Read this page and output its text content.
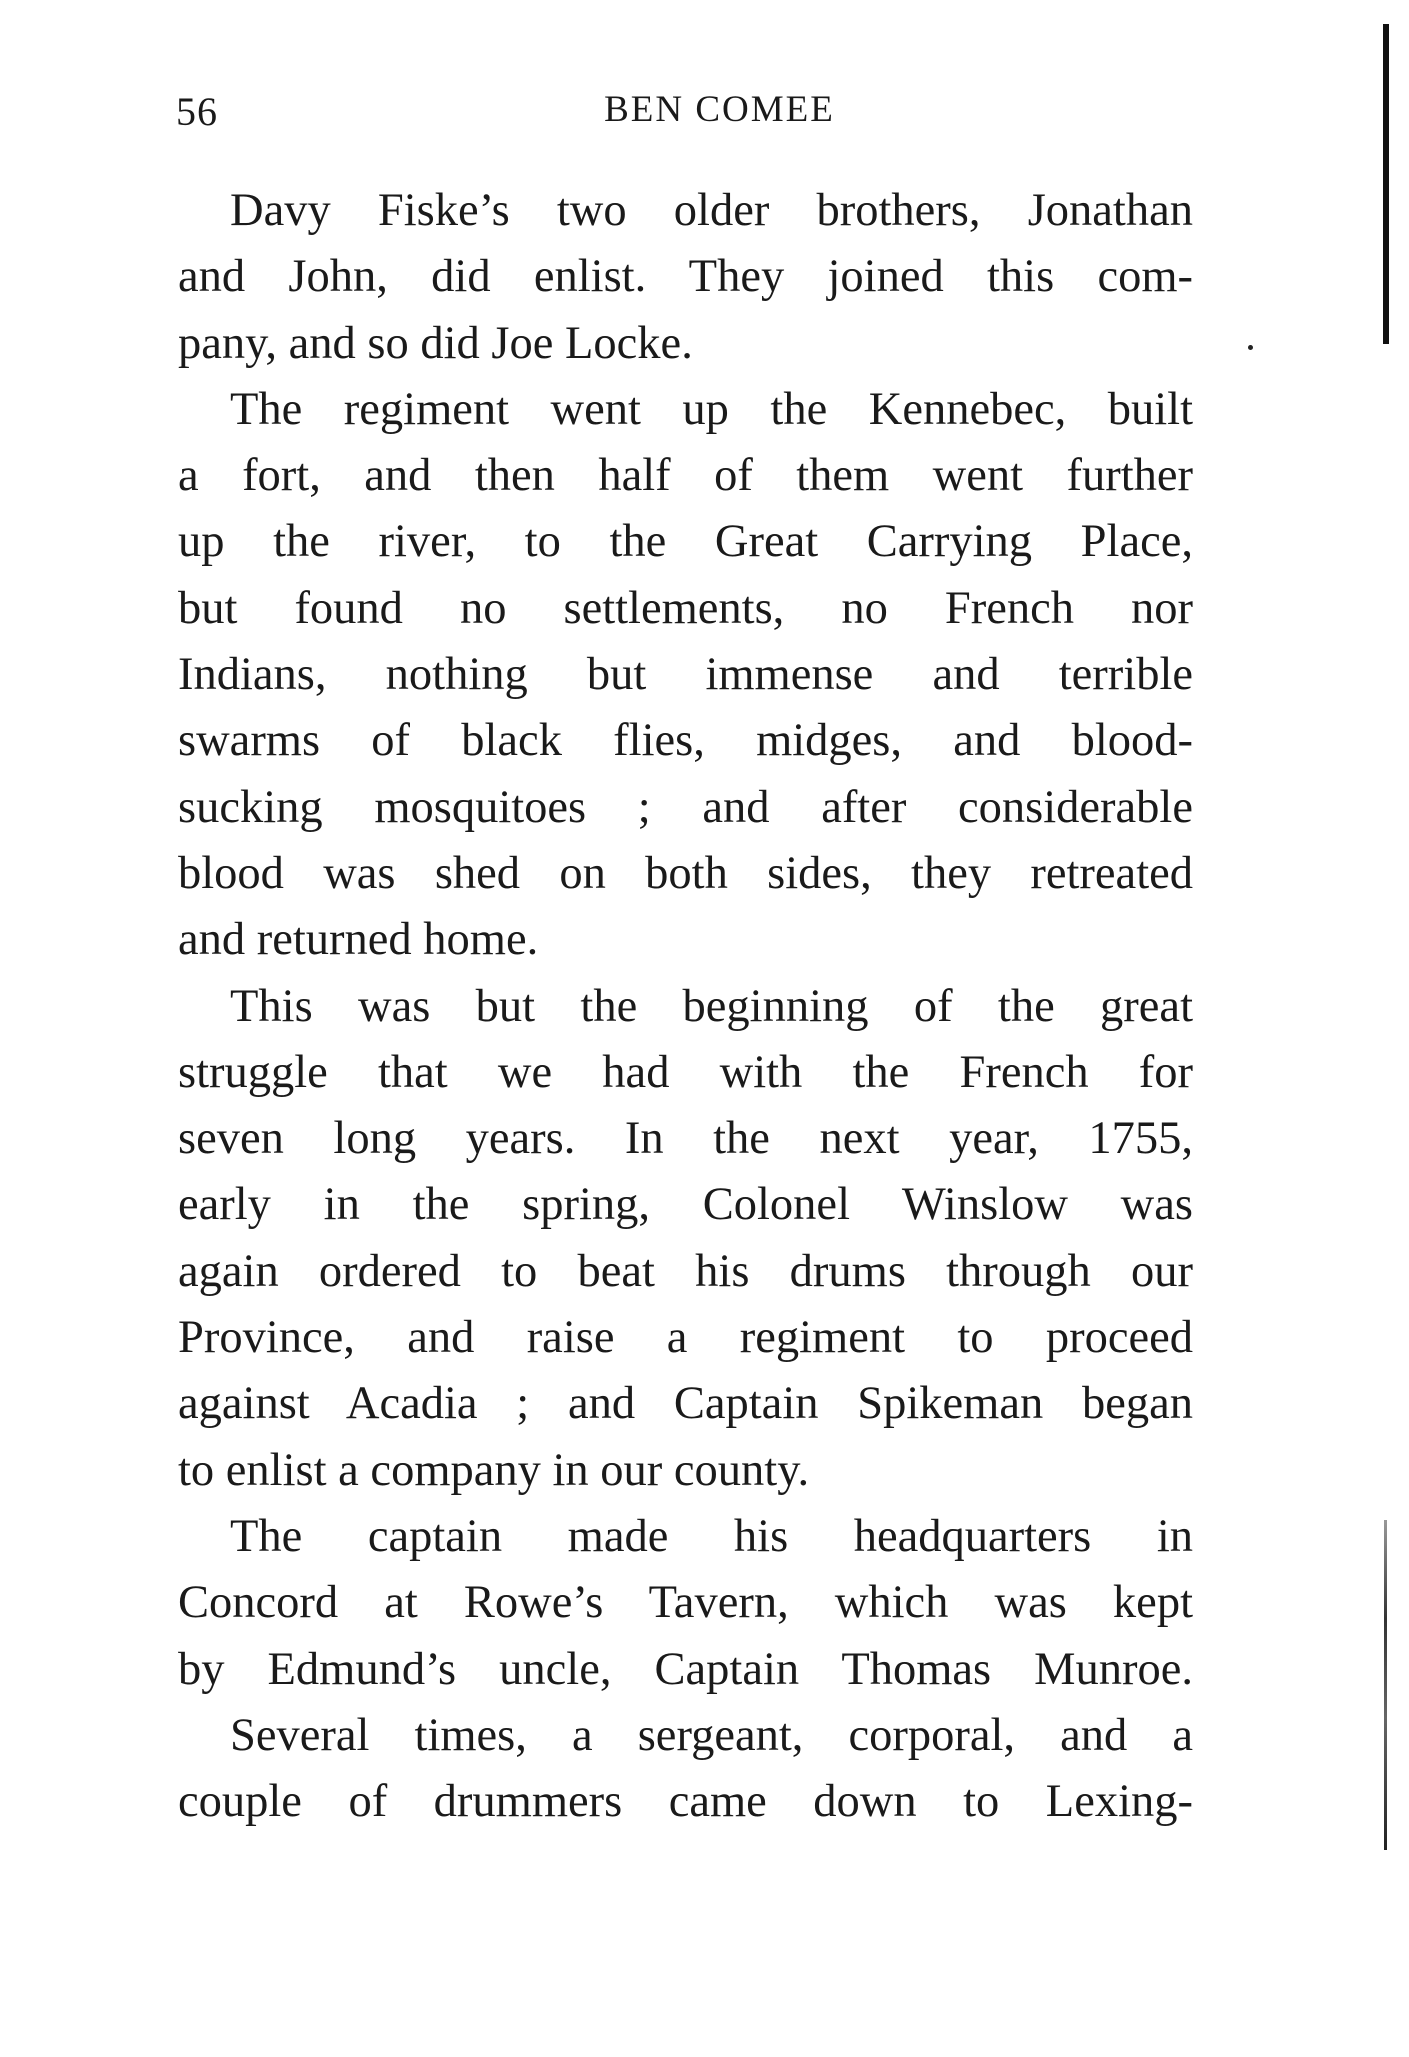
56	BEN COMEE
Davy Fiske’s two older brothers, Jonathan
and John, did enlist. They joined this com-
pany, and so did Joe Locke.
The regiment went up the Kennebec, built
a fort, and then half of them went further
up the river, to the Great Carrying Place,
but found no settlements, no French nor
Indians, nothing but immense and terrible
swarms of black flies, midges, and blood-
sucking mosquitoes ; and after considerable
blood was shed on both sides, they retreated
and returned home.
This was but the beginning of the great
struggle that we had with the French for
seven long years. In the next year, 1755,
early in the spring, Colonel Winslow was
again ordered to beat his drums through our
Province, and raise a regiment to proceed
against Acadia ; and Captain Spikeman began
to enlist a company in our county.
The captain made his headquarters in
Concord at Rowe’s Tavern, which was kept
by Edmund’s uncle, Captain Thomas Munroe.
Several times, a sergeant, corporal, and a
couple of drummers came down to Lexing-
